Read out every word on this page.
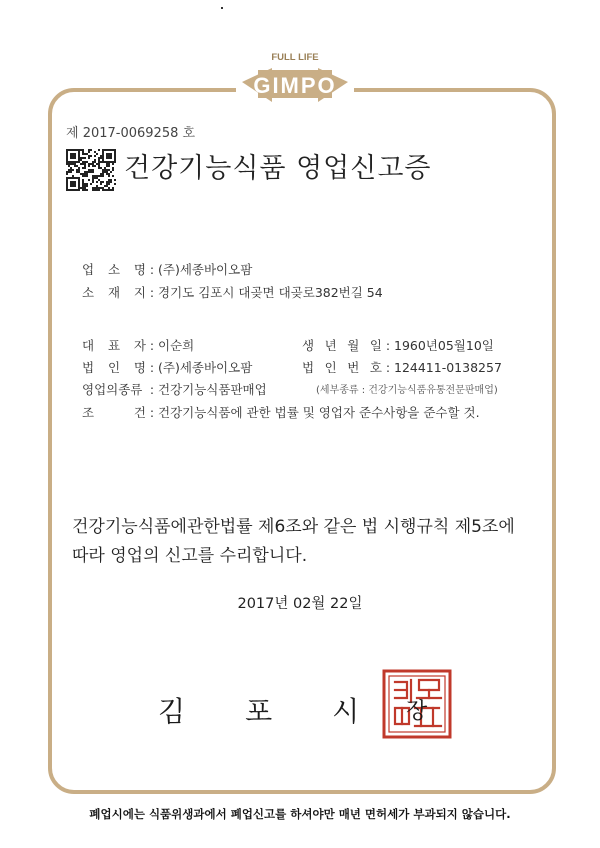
FULL LIFE
GIMPO
제 2017-0069258 호
건강기능식품 영업신고증
업 소 명 : (주)세종바이오팜
소 재 지 : 경기도 김포시 대곶면 대곶로382번길 54
대 표 자 : 이순희	생 년 월 일 : 1960년05월10일
법 인 명 : (주)세종바이오팜	법 인 번 호 : 124411-0138257
영업의종류 : 건강기능식품판매업	(세부종류 : 건강기능식품유통전문판매업)
조 건 : 건강기능식품에 관한 법률 및 영업자 준수사항을 준수할 것.
건강기능식품에관한법률 제6조와 같은 법 시행규칙 제5조에 따라 영업의 신고를 수리합니다.
2017년 02월 22일
김 포 시	장
폐업시에는 식품위생과에서 폐업신고를 하셔야만 매년 면허세가 부과되지 않습니다.
